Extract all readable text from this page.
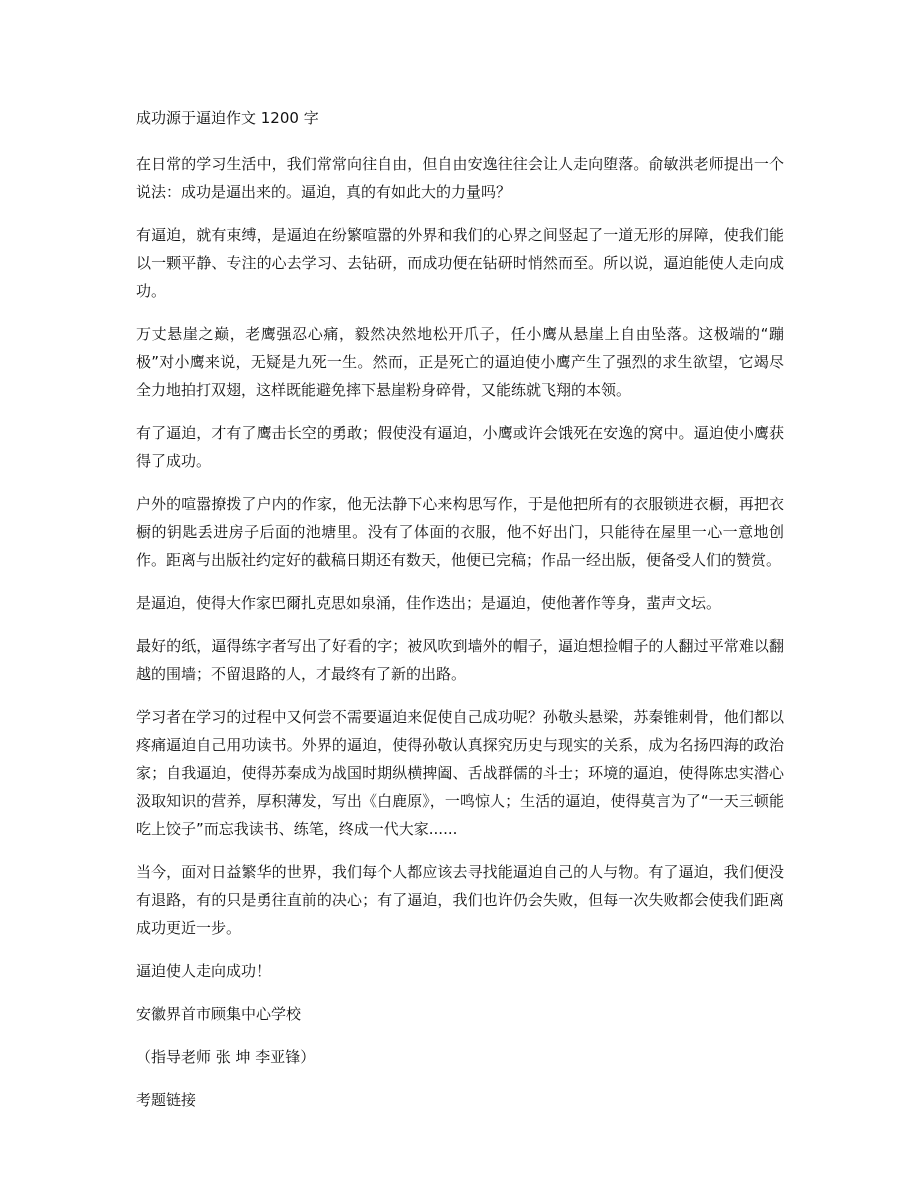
成功源于逼迫作文 1200 字

在日常的学习生活中，我们常常向往自由，但自由安逸往往会让人走向堕落。俞敏洪老师提出一个说法：成功是逼出来的。逼迫，真的有如此大的力量吗？

有逼迫，就有束缚，是逼迫在纷繁喧嚣的外界和我们的心界之间竖起了一道无形的屏障，使我们能以一颗平静、专注的心去学习、去钻研，而成功便在钻研时悄然而至。所以说，逼迫能使人走向成功。

万丈悬崖之巅，老鹰强忍心痛，毅然决然地松开爪子，任小鹰从悬崖上自由坠落。这极端的“蹦极”对小鹰来说，无疑是九死一生。然而，正是死亡的逼迫使小鹰产生了强烈的求生欲望，它竭尽全力地拍打双翅，这样既能避免摔下悬崖粉身碎骨，又能练就飞翔的本领。

有了逼迫，才有了鹰击长空的勇敢；假使没有逼迫，小鹰或许会饿死在安逸的窝中。逼迫使小鹰获得了成功。

户外的喧嚣撩拨了户内的作家，他无法静下心来构思写作，于是他把所有的衣服锁进衣橱，再把衣橱的钥匙丢进房子后面的池塘里。没有了体面的衣服，他不好出门，只能待在屋里一心一意地创作。距离与出版社约定好的截稿日期还有数天，他便已完稿；作品一经出版，便备受人们的赞赏。

是逼迫，使得大作家巴爾扎克思如泉涌，佳作迭出；是逼迫，使他著作等身，蜚声文坛。

最好的纸，逼得练字者写出了好看的字；被风吹到墙外的帽子，逼迫想捡帽子的人翻过平常难以翻越的围墙；不留退路的人，才最终有了新的出路。

学习者在学习的过程中又何尝不需要逼迫来促使自己成功呢？孙敬头悬梁，苏秦锥刺骨，他们都以疼痛逼迫自己用功读书。外界的逼迫，使得孙敬认真探究历史与现实的关系，成为名扬四海的政治家；自我逼迫，使得苏秦成为战国时期纵横捭阖、舌战群儒的斗士；环境的逼迫，使得陈忠实潜心汲取知识的营养，厚积薄发，写出《白鹿原》，一鸣惊人；生活的逼迫，使得莫言为了“一天三顿能吃上饺子”而忘我读书、练笔，终成一代大家......

当今，面对日益繁华的世界，我们每个人都应该去寻找能逼迫自己的人与物。有了逼迫，我们便没有退路，有的只是勇往直前的决心；有了逼迫，我们也许仍会失败，但每一次失败都会使我们距离成功更近一步。

逼迫使人走向成功！

安徽界首市顾集中心学校

（指导老师 张 坤 李亚锋）

考题链接
